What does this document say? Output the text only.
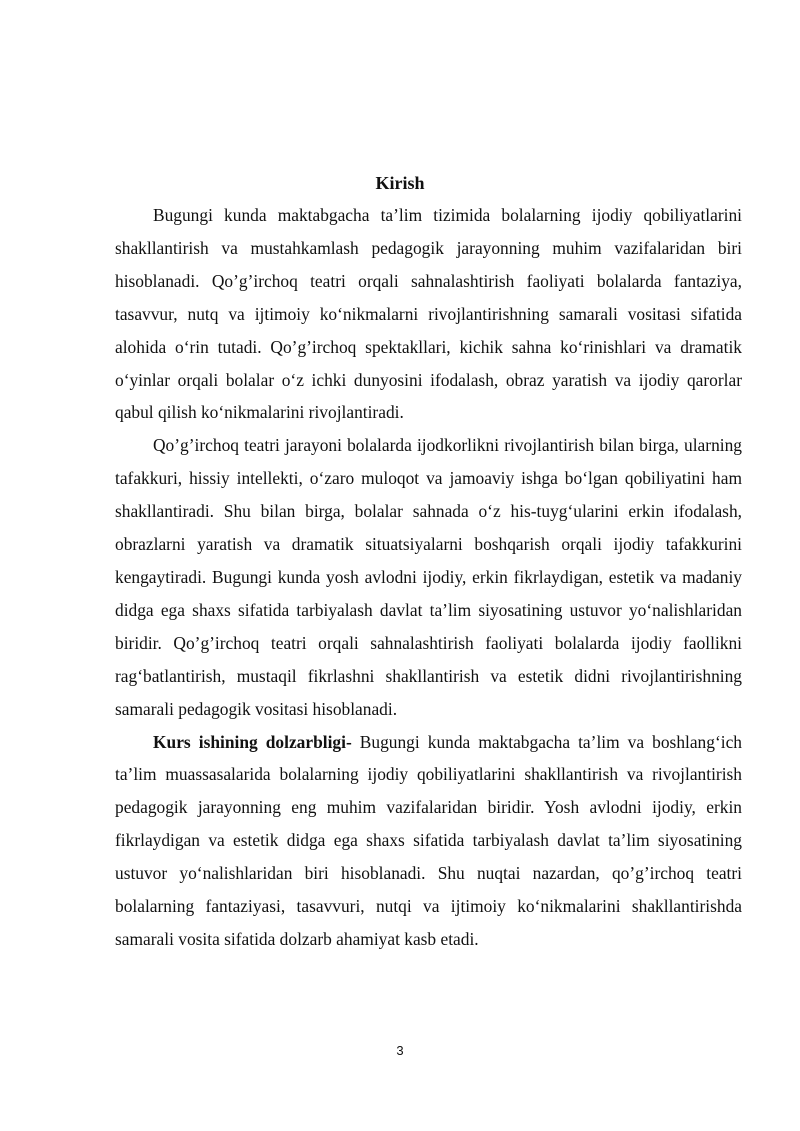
Kirish

Bugungi kunda maktabgacha ta’lim tizimida bolalarning ijodiy qobiliyatlarini shakllantirish va mustahkamlash pedagogik jarayonning muhim vazifalaridan biri hisoblanadi. Qo’g’irchoq teatri orqali sahnalashtirish faoliyati bolalarda fantaziya, tasavvur, nutq va ijtimoiy ko‘nikmalarni rivojlantirishning samarali vositasi sifatida alohida o‘rin tutadi. Qo’g’irchoq spektakllari, kichik sahna ko‘rinishlari va dramatik o‘yinlar orqali bolalar o‘z ichki dunyosini ifodalash, obraz yaratish va ijodiy qarorlar qabul qilish ko‘nikmalarini rivojlantiradi.

Qo’g’irchoq teatri jarayoni bolalarda ijodkorlikni rivojlantirish bilan birga, ularning tafakkuri, hissiy intellekti, o‘zaro muloqot va jamoaviy ishga bo‘lgan qobiliyatini ham shakllantiradi. Shu bilan birga, bolalar sahnada o‘z his-tuyg‘ularini erkin ifodalash, obrazlarni yaratish va dramatik situatsiyalarni boshqarish orqali ijodiy tafakkurini kengaytiradi. Bugungi kunda yosh avlodni ijodiy, erkin fikrlaydigan, estetik va madaniy didga ega shaxs sifatida tarbiyalash davlat ta’lim siyosatining ustuvor yo‘nalishlaridan biridir. Qo’g’irchoq teatri orqali sahnalashtirish faoliyati bolalarda ijodiy faollikni rag‘batlantirish, mustaqil fikrlashni shakllantirish va estetik didni rivojlantirishning samarali pedagogik vositasi hisoblanadi.

Kurs ishining dolzarbligi- Bugungi kunda maktabgacha ta’lim va boshlang‘ich ta’lim muassasalarida bolalarning ijodiy qobiliyatlarini shakllantirish va rivojlantirish pedagogik jarayonning eng muhim vazifalaridan biridir. Yosh avlodni ijodiy, erkin fikrlaydigan va estetik didga ega shaxs sifatida tarbiyalash davlat ta’lim siyosatining ustuvor yo‘nalishlaridan biri hisoblanadi. Shu nuqtai nazardan, qo’g’irchoq teatri bolalarning fantaziyasi, tasavvuri, nutqi va ijtimoiy ko‘nikmalarini shakllantirishda samarali vosita sifatida dolzarb ahamiyat kasb etadi.

3
